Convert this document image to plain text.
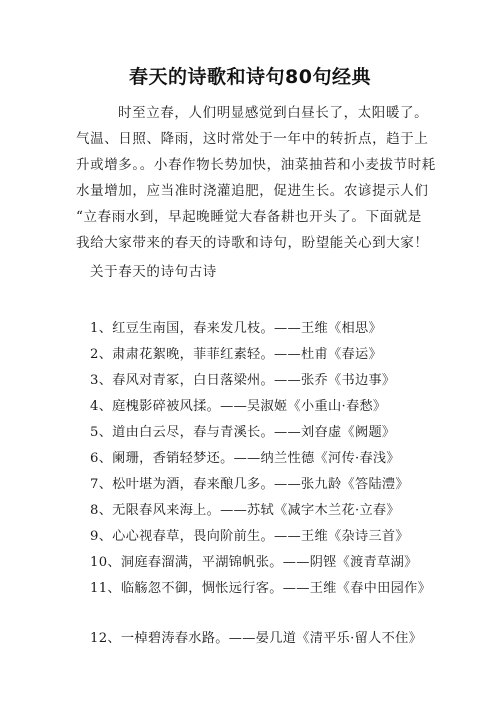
春天的诗歌和诗句80句经典
时至立春，人们明显感觉到白昼长了，太阳暖了。
气温、日照、降雨，这时常处于一年中的转折点，趋于上
升或增多。。小春作物长势加快，油菜抽苔和小麦拔节时耗
水量增加，应当准时浇灌追肥，促进生长。农谚提示人们
“立春雨水到，早起晚睡觉大春备耕也开头了。下面就是
我给大家带来的春天的诗歌和诗句，盼望能关心到大家！
关于春天的诗句古诗
1、红豆生南国，春来发几枝。——王维《相思》
2、肃肃花絮晚，菲菲红素轻。——杜甫《春运》
3、春风对青冢，白日落梁州。——张乔《书边事》
4、庭槐影碎被风揉。——吴淑姬《小重山·春愁》
5、道由白云尽，春与青溪长。——刘昚虚《阙题》
6、阑珊，香销轻梦还。——纳兰性德《河传·春浅》
7、松叶堪为酒，春来酿几多。——张九龄《答陆澧》
8、无限春风来海上。——苏轼《减字木兰花·立春》
9、心心视春草，畏向阶前生。——王维《杂诗三首》
10、洞庭春溜满，平湖锦帆张。——阴铿《渡青草湖》
11、临觞忽不御，惆怅远行客。——王维《春中田园作》
12、一棹碧涛春水路。——晏几道《清平乐·留人不住》
